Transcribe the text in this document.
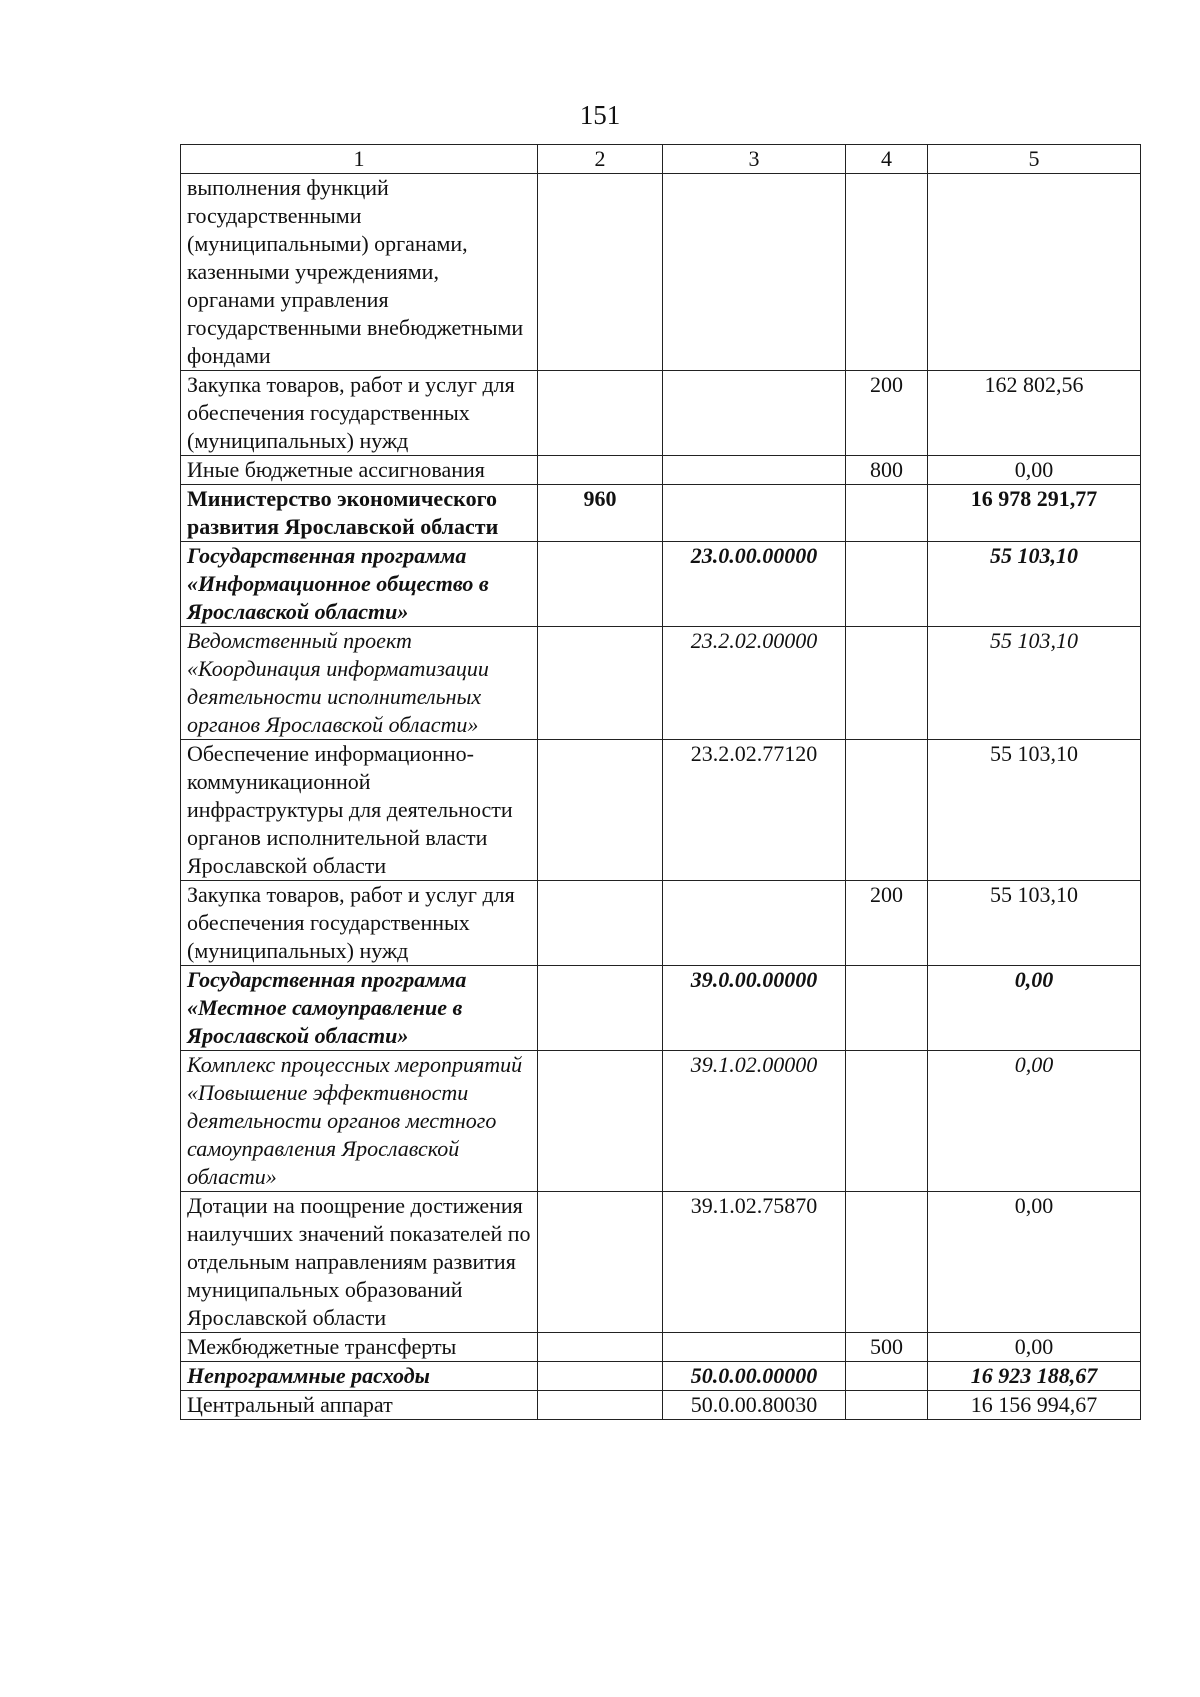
151
1	2	3	4	5
выполнения функций государственными (муниципальными) органами, казенными учреждениями, органами управления государственными внебюджетными фондами				
Закупка товаров, работ и услуг для обеспечения государственных (муниципальных) нужд			200	162 802,56
Иные бюджетные ассигнования			800	0,00
Министерство экономического развития Ярославской области	960			16 978 291,77
Государственная программа «Информационное общество в Ярославской области»		23.0.00.00000		55 103,10
Ведомственный проект «Координация информатизации деятельности исполнительных органов Ярославской области»		23.2.02.00000		55 103,10
Обеспечение информационно-коммуникационной инфраструктуры для деятельности органов исполнительной власти Ярославской области		23.2.02.77120		55 103,10
Закупка товаров, работ и услуг для обеспечения государственных (муниципальных) нужд			200	55 103,10
Государственная программа «Местное самоуправление в Ярославской области»		39.0.00.00000		0,00
Комплекс процессных мероприятий «Повышение эффективности деятельности органов местного самоуправления Ярославской области»		39.1.02.00000		0,00
Дотации на поощрение достижения наилучших значений показателей по отдельным направлениям развития муниципальных образований Ярославской области		39.1.02.75870		0,00
Межбюджетные трансферты			500	0,00
Непрограммные расходы		50.0.00.00000		16 923 188,67
Центральный аппарат		50.0.00.80030		16 156 994,67
